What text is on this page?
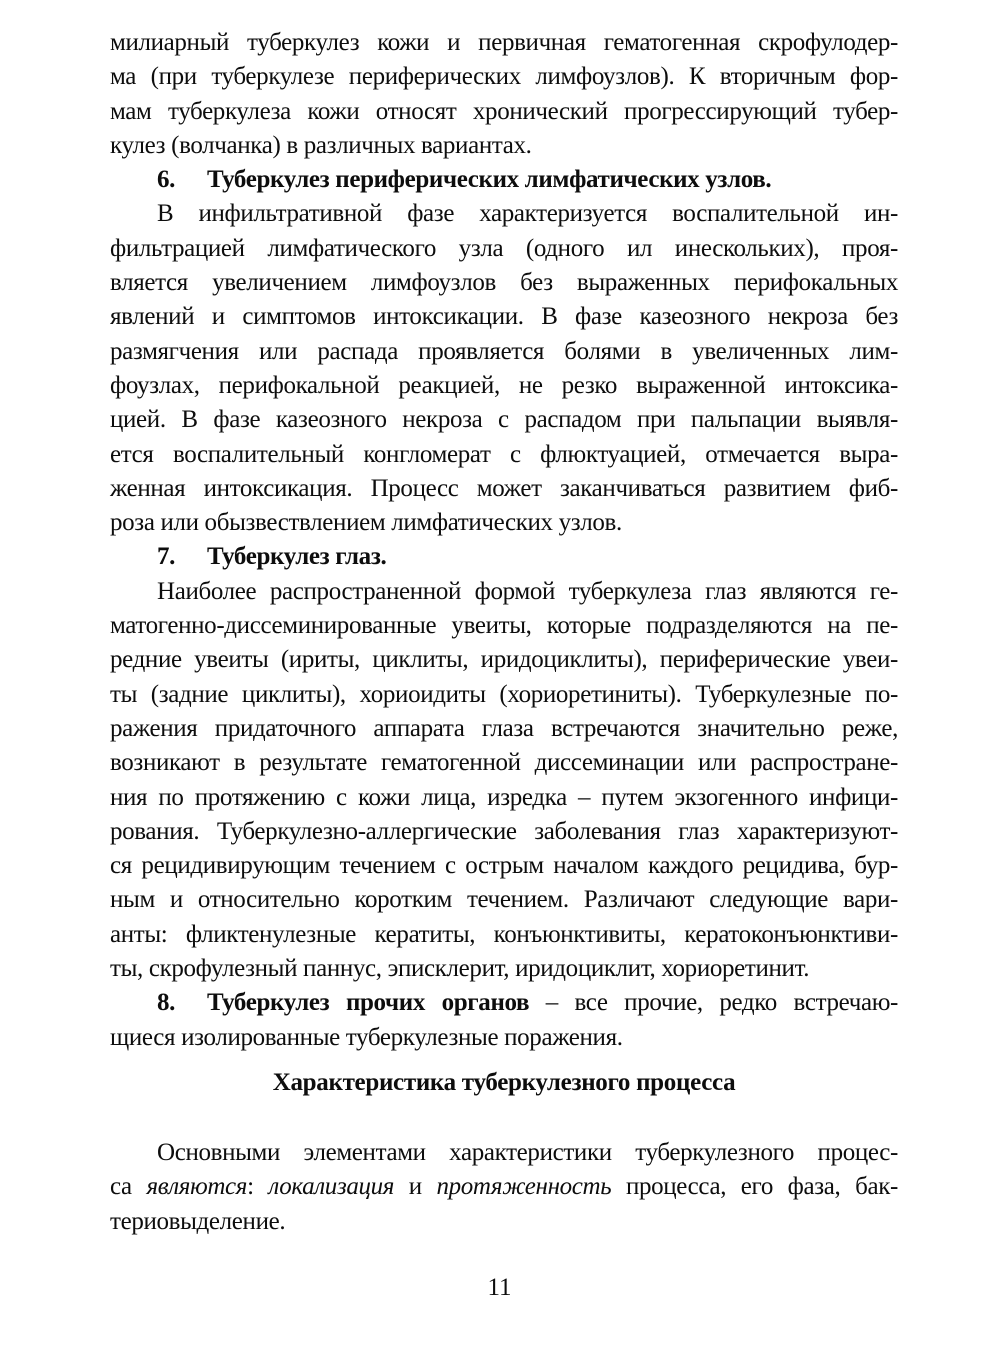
милиарный туберкулез кожи и первичная гематогенная скрофулодер-
ма (при туберкулезе периферических лимфоузлов). К вторичным фор-
мам туберкулеза кожи относят хронический прогрессирующий тубер-
кулез (волчанка) в различных вариантах.
6. Туберкулез периферических лимфатических узлов.
В инфильтративной фазе характеризуется воспалительной ин-
фильтрацией лимфатического узла (одного ил инескольких), проя-
вляется увеличением лимфоузлов без выраженных перифокальных
явлений и симптомов интоксикации. В фазе казеозного некроза без
размягчения или распада проявляется болями в увеличенных лим-
фоузлах, перифокальной реакцией, не резко выраженной интоксика-
цией. В фазе казеозного некроза с распадом при пальпации выявля-
ется воспалительный конгломерат с флюктуацией, отмечается выра-
женная интоксикация. Процесс может заканчиваться развитием фиб-
роза или обызвествлением лимфатических узлов.
7. Туберкулез глаз.
Наиболее распространенной формой туберкулеза глаз являются ге-
матогенно-диссеминированные увеиты, которые подразделяются на пе-
редние увеиты (ириты, циклиты, иридоциклиты), периферические увеи-
ты (задние циклиты), хориоидиты (хориоретиниты). Туберкулезные по-
ражения придаточного аппарата глаза встречаются значительно реже,
возникают в результате гематогенной диссеминации или распростране-
ния по протяжению с кожи лица, изредка – путем экзогенного инфици-
рования. Туберкулезно-аллергические заболевания глаз характеризуют-
ся рецидивирующим течением с острым началом каждого рецидива, бур-
ным и относительно коротким течением. Различают следующие вари-
анты: фликтенулезные кератиты, конъюнктивиты, кератоконъюнктиви-
ты, скрофулезный паннус, эписклерит, иридоциклит, хориоретинит.
8. Туберкулез прочих органов – все прочие, редко встречаю-
щиеся изолированные туберкулезные поражения.
Характеристика туберкулезного процесса
Основными элементами характеристики туберкулезного процес-
са являются: локализация и протяженность процесса, его фаза, бак-
териовыделение.
11
